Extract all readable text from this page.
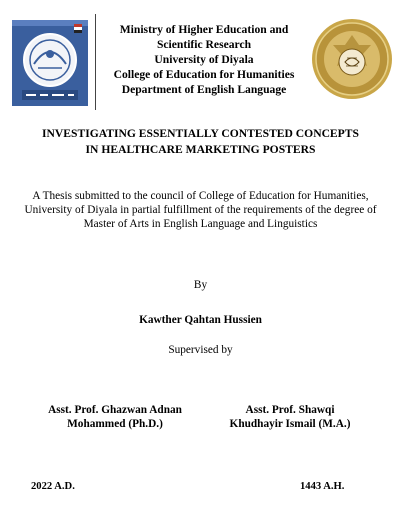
Ministry of Higher Education and
Scientific Research
University of Diyala
College of Education for Humanities
Department of English Language
INVESTIGATING ESSENTIALLY CONTESTED CONCEPTS
IN HEALTHCARE MARKETING POSTERS
A Thesis submitted to the council of College of Education for Humanities, University of Diyala in partial fulfillment of the requirements of the degree of Master of Arts in English Language and Linguistics
By
Kawther Qahtan Hussien
Supervised by
Asst. Prof. Ghazwan Adnan
Mohammed (Ph.D.)
Asst. Prof. Shawqi
Khudhayir Ismail (M.A.)
2022 A.D.	1443 A.H.
